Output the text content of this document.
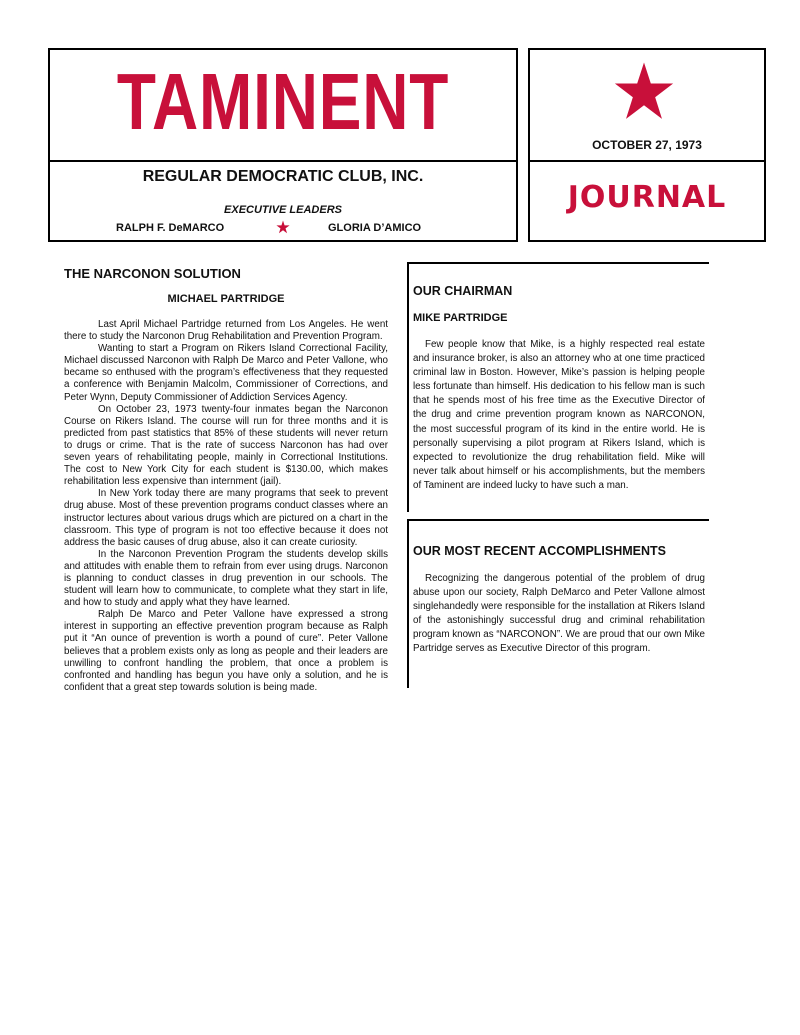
TAMINENT
REGULAR DEMOCRATIC CLUB, INC.
EXECUTIVE LEADERS
RALPH F. DeMARCO	GLORIA D’AMICO
OCTOBER 27, 1973
JOURNAL
THE NARCONON SOLUTION
MICHAEL PARTRIDGE

Last April Michael Partridge returned from Los Angeles. He went there to study the Narconon Drug Rehabilitation and Prevention Program.

Wanting to start a Program on Rikers Island Correctional Facility, Michael discussed Narconon with Ralph De Marco and Peter Vallone, who became so enthused with the program’s effectiveness that they requested a conference with Benjamin Malcolm, Commissioner of Corrections, and Peter Wynn, Deputy Commissioner of Addiction Services Agency.

On October 23, 1973 twenty-four inmates began the Narconon Course on Rikers Island. The course will run for three months and it is predicted from past statistics that 85% of these students will never return to drugs or crime. That is the rate of success Narconon has had over seven years of rehabilitating people, mainly in Correctional Institutions. The cost to New York City for each student is $130.00, which makes rehabilitation less expensive than internment (jail).

In New York today there are many programs that seek to prevent drug abuse. Most of these prevention programs conduct classes where an instructor lectures about various drugs which are pictured on a chart in the classroom. This type of program is not too effective because it does not address the basic causes of drug abuse, also it can create curiosity.

In the Narconon Prevention Program the students develop skills and attitudes with enable them to refrain from ever using drugs. Narconon is planning to conduct classes in drug prevention in our schools. The student will learn how to communicate, to complete what they start in life, and how to study and apply what they have learned.

Ralph De Marco and Peter Vallone have expressed a strong interest in supporting an effective prevention program because as Ralph put it “An ounce of prevention is worth a pound of cure”. Peter Vallone believes that a problem exists only as long as people and their leaders are unwilling to confront handling the problem, that once a problem is confronted and handling has begun you have only a solution, and he is confident that a great step towards solution is being made.

OUR CHAIRMAN
MIKE PARTRIDGE

Few people know that Mike, is a highly respected real estate and insurance broker, is also an attorney who at one time practiced criminal law in Boston. However, Mike’s passion is helping people less fortunate than himself. His dedication to his fellow man is such that he spends most of his free time as the Executive Director of the drug and crime prevention program known as NARCONON, the most successful program of its kind in the entire world. He is personally supervising a pilot program at Rikers Island, which is expected to revolutionize the drug rehabilitation field. Mike will never talk about himself or his accomplishments, but the members of Taminent are indeed lucky to have such a man.

OUR MOST RECENT ACCOMPLISHMENTS

Recognizing the dangerous potential of the problem of drug abuse upon our society, Ralph DeMarco and Peter Vallone almost singlehandedly were responsible for the installation at Rikers Island of the astonishingly successful drug and criminal rehabilitation program known as “NARCONON”. We are proud that our own Mike Partridge serves as Executive Director of this program.
